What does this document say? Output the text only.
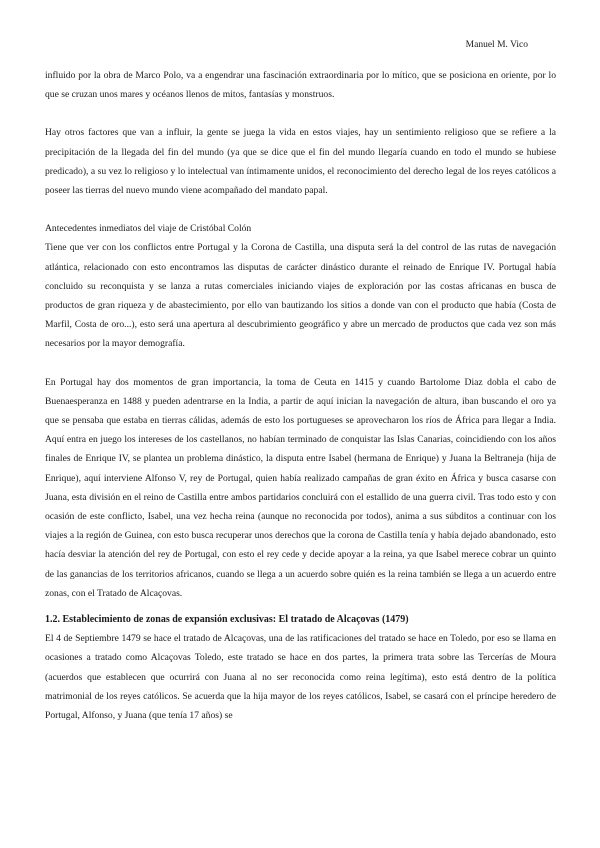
Manuel M. Vico

influido por la obra de Marco Polo, va a engendrar una fascinación extraordinaria por lo mítico, que se posiciona en oriente, por lo que se cruzan unos mares y océanos llenos de mitos, fantasías y monstruos.

Hay otros factores que van a influir, la gente se juega la vida en estos viajes, hay un sentimiento religioso que se refiere a la precipitación de la llegada del fin del mundo (ya que se dice que el fin del mundo llegaría cuando en todo el mundo se hubiese predicado), a su vez lo religioso y lo intelectual van íntimamente unidos, el reconocimiento del derecho legal de los reyes católicos a poseer las tierras del nuevo mundo viene acompañado del mandato papal.

Antecedentes inmediatos del viaje de Cristóbal Colón

Tiene que ver con los conflictos entre Portugal y la Corona de Castilla, una disputa será la del control de las rutas de navegación atlántica, relacionado con esto encontramos las disputas de carácter dinástico durante el reinado de Enrique IV. Portugal había concluido su reconquista y se lanza a rutas comerciales iniciando viajes de exploración por las costas africanas en busca de productos de gran riqueza y de abastecimiento, por ello van bautizando los sitios a donde van con el producto que había (Costa de Marfil, Costa de oro...), esto será una apertura al descubrimiento geográfico y abre un mercado de productos que cada vez son más necesarios por la mayor demografía.

En Portugal hay dos momentos de gran importancia, la toma de Ceuta en 1415 y cuando Bartolome Diaz dobla el cabo de Buenaesperanza en 1488 y pueden adentrarse en la India, a partir de aquí inician la navegación de altura, iban buscando el oro ya que se pensaba que estaba en tierras cálidas, además de esto los portugueses se aprovecharon los ríos de África para llegar a India. Aquí entra en juego los intereses de los castellanos, no habían terminado de conquistar las Islas Canarias, coincidiendo con los años finales de Enrique IV, se plantea un problema dinástico, la disputa entre Isabel (hermana de Enrique) y Juana la Beltraneja (hija de Enrique), aquí interviene Alfonso V, rey de Portugal, quien había realizado campañas de gran éxito en África y busca casarse con Juana, esta división en el reino de Castilla entre ambos partidarios concluirá con el estallido de una guerra civil. Tras todo esto y con ocasión de este conflicto, Isabel, una vez hecha reina (aunque no reconocida por todos), anima a sus súbditos a continuar con los viajes a la región de Guinea, con esto busca recuperar unos derechos que la corona de Castilla tenía y había dejado abandonado, esto hacía desviar la atención del rey de Portugal, con esto el rey cede y decide apoyar a la reina, ya que Isabel merece cobrar un quinto de las ganancias de los territorios africanos, cuando se llega a un acuerdo sobre quién es la reina también se llega a un acuerdo entre zonas, con el Tratado de Alcaçovas.

1.2. Establecimiento de zonas de expansión exclusivas: El tratado de Alcaçovas (1479)

El 4 de Septiembre 1479 se hace el tratado de Alcaçovas, una de las ratificaciones del tratado se hace en Toledo, por eso se llama en ocasiones a tratado como Alcaçovas Toledo, este tratado se hace en dos partes, la primera trata sobre las Tercerías de Moura (acuerdos que establecen que ocurrirá con Juana al no ser reconocida como reina legítima), esto está dentro de la política matrimonial de los reyes católicos. Se acuerda que la hija mayor de los reyes católicos, Isabel, se casará con el príncipe heredero de Portugal, Alfonso, y Juana (que tenía 17 años) se
